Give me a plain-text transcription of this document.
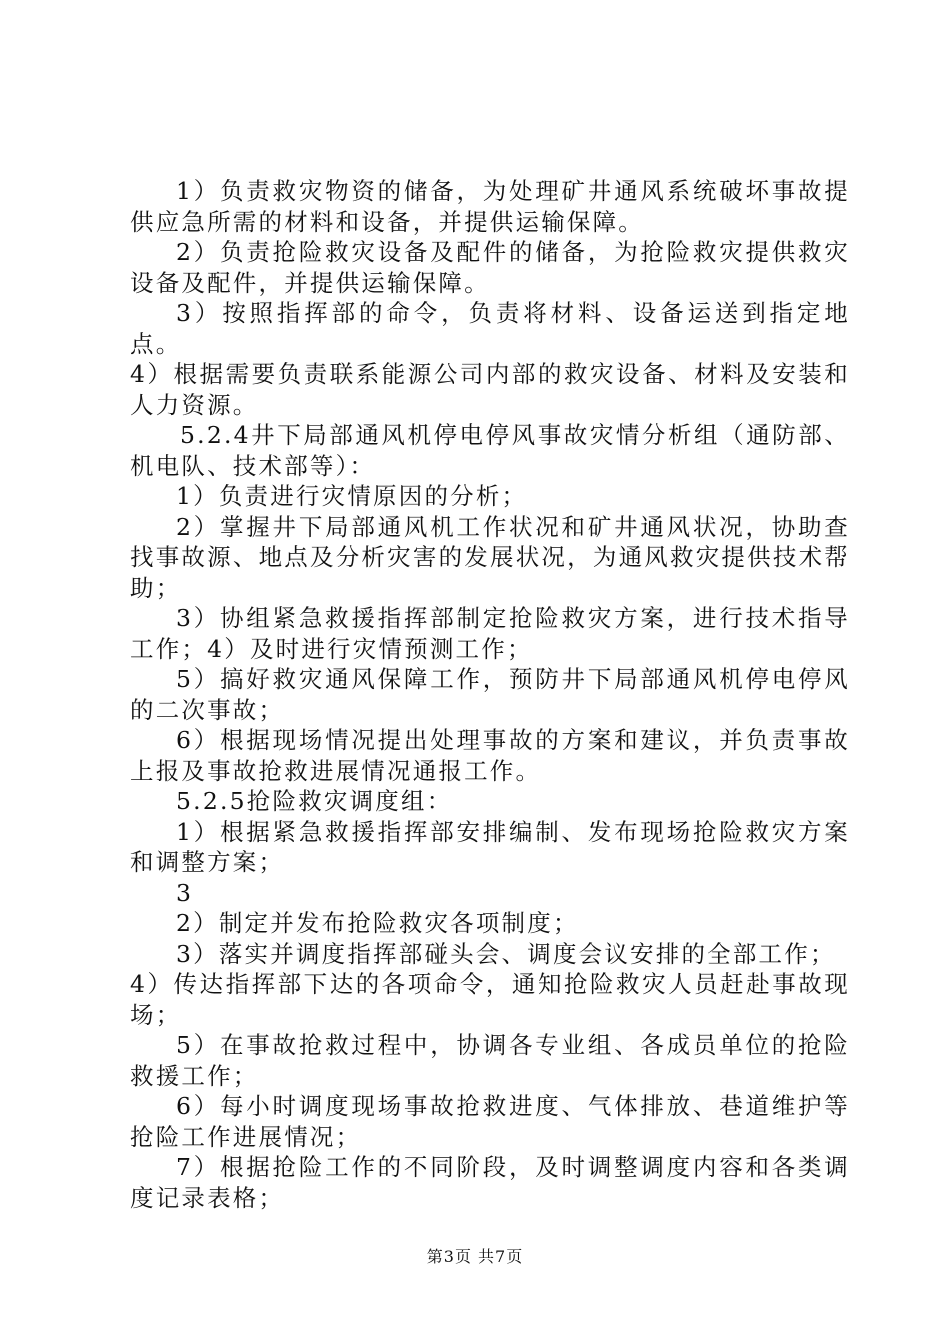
1）负责救灾物资的储备，为处理矿井通风系统破坏事故提供应急所需的材料和设备，并提供运输保障。

2）负责抢险救灾设备及配件的储备，为抢险救灾提供救灾设备及配件，并提供运输保障。

3）按照指挥部的命令，负责将材料、设备运送到指定地点。

4）根据需要负责联系能源公司内部的救灾设备、材料及安装和人力资源。

5.2.4井下局部通风机停电停风事故灾情分析组（通防部、机电队、技术部等）：

1）负责进行灾情原因的分析；

2）掌握井下局部通风机工作状况和矿井通风状况，协助查找事故源、地点及分析灾害的发展状况，为通风救灾提供技术帮助；

3）协组紧急救援指挥部制定抢险救灾方案，进行技术指导工作；4）及时进行灾情预测工作；

5）搞好救灾通风保障工作，预防井下局部通风机停电停风的二次事故；

6）根据现场情况提出处理事故的方案和建议，并负责事故上报及事故抢救进展情况通报工作。

5.2.5抢险救灾调度组：

1）根据紧急救援指挥部安排编制、发布现场抢险救灾方案和调整方案；

3

2）制定并发布抢险救灾各项制度；

3）落实并调度指挥部碰头会、调度会议安排的全部工作；

4）传达指挥部下达的各项命令，通知抢险救灾人员赶赴事故现场；

5）在事故抢救过程中，协调各专业组、各成员单位的抢险救援工作；

6）每小时调度现场事故抢救进度、气体排放、巷道维护等抢险工作进展情况；

7）根据抢险工作的不同阶段，及时调整调度内容和各类调度记录表格；

第3页 共7页
